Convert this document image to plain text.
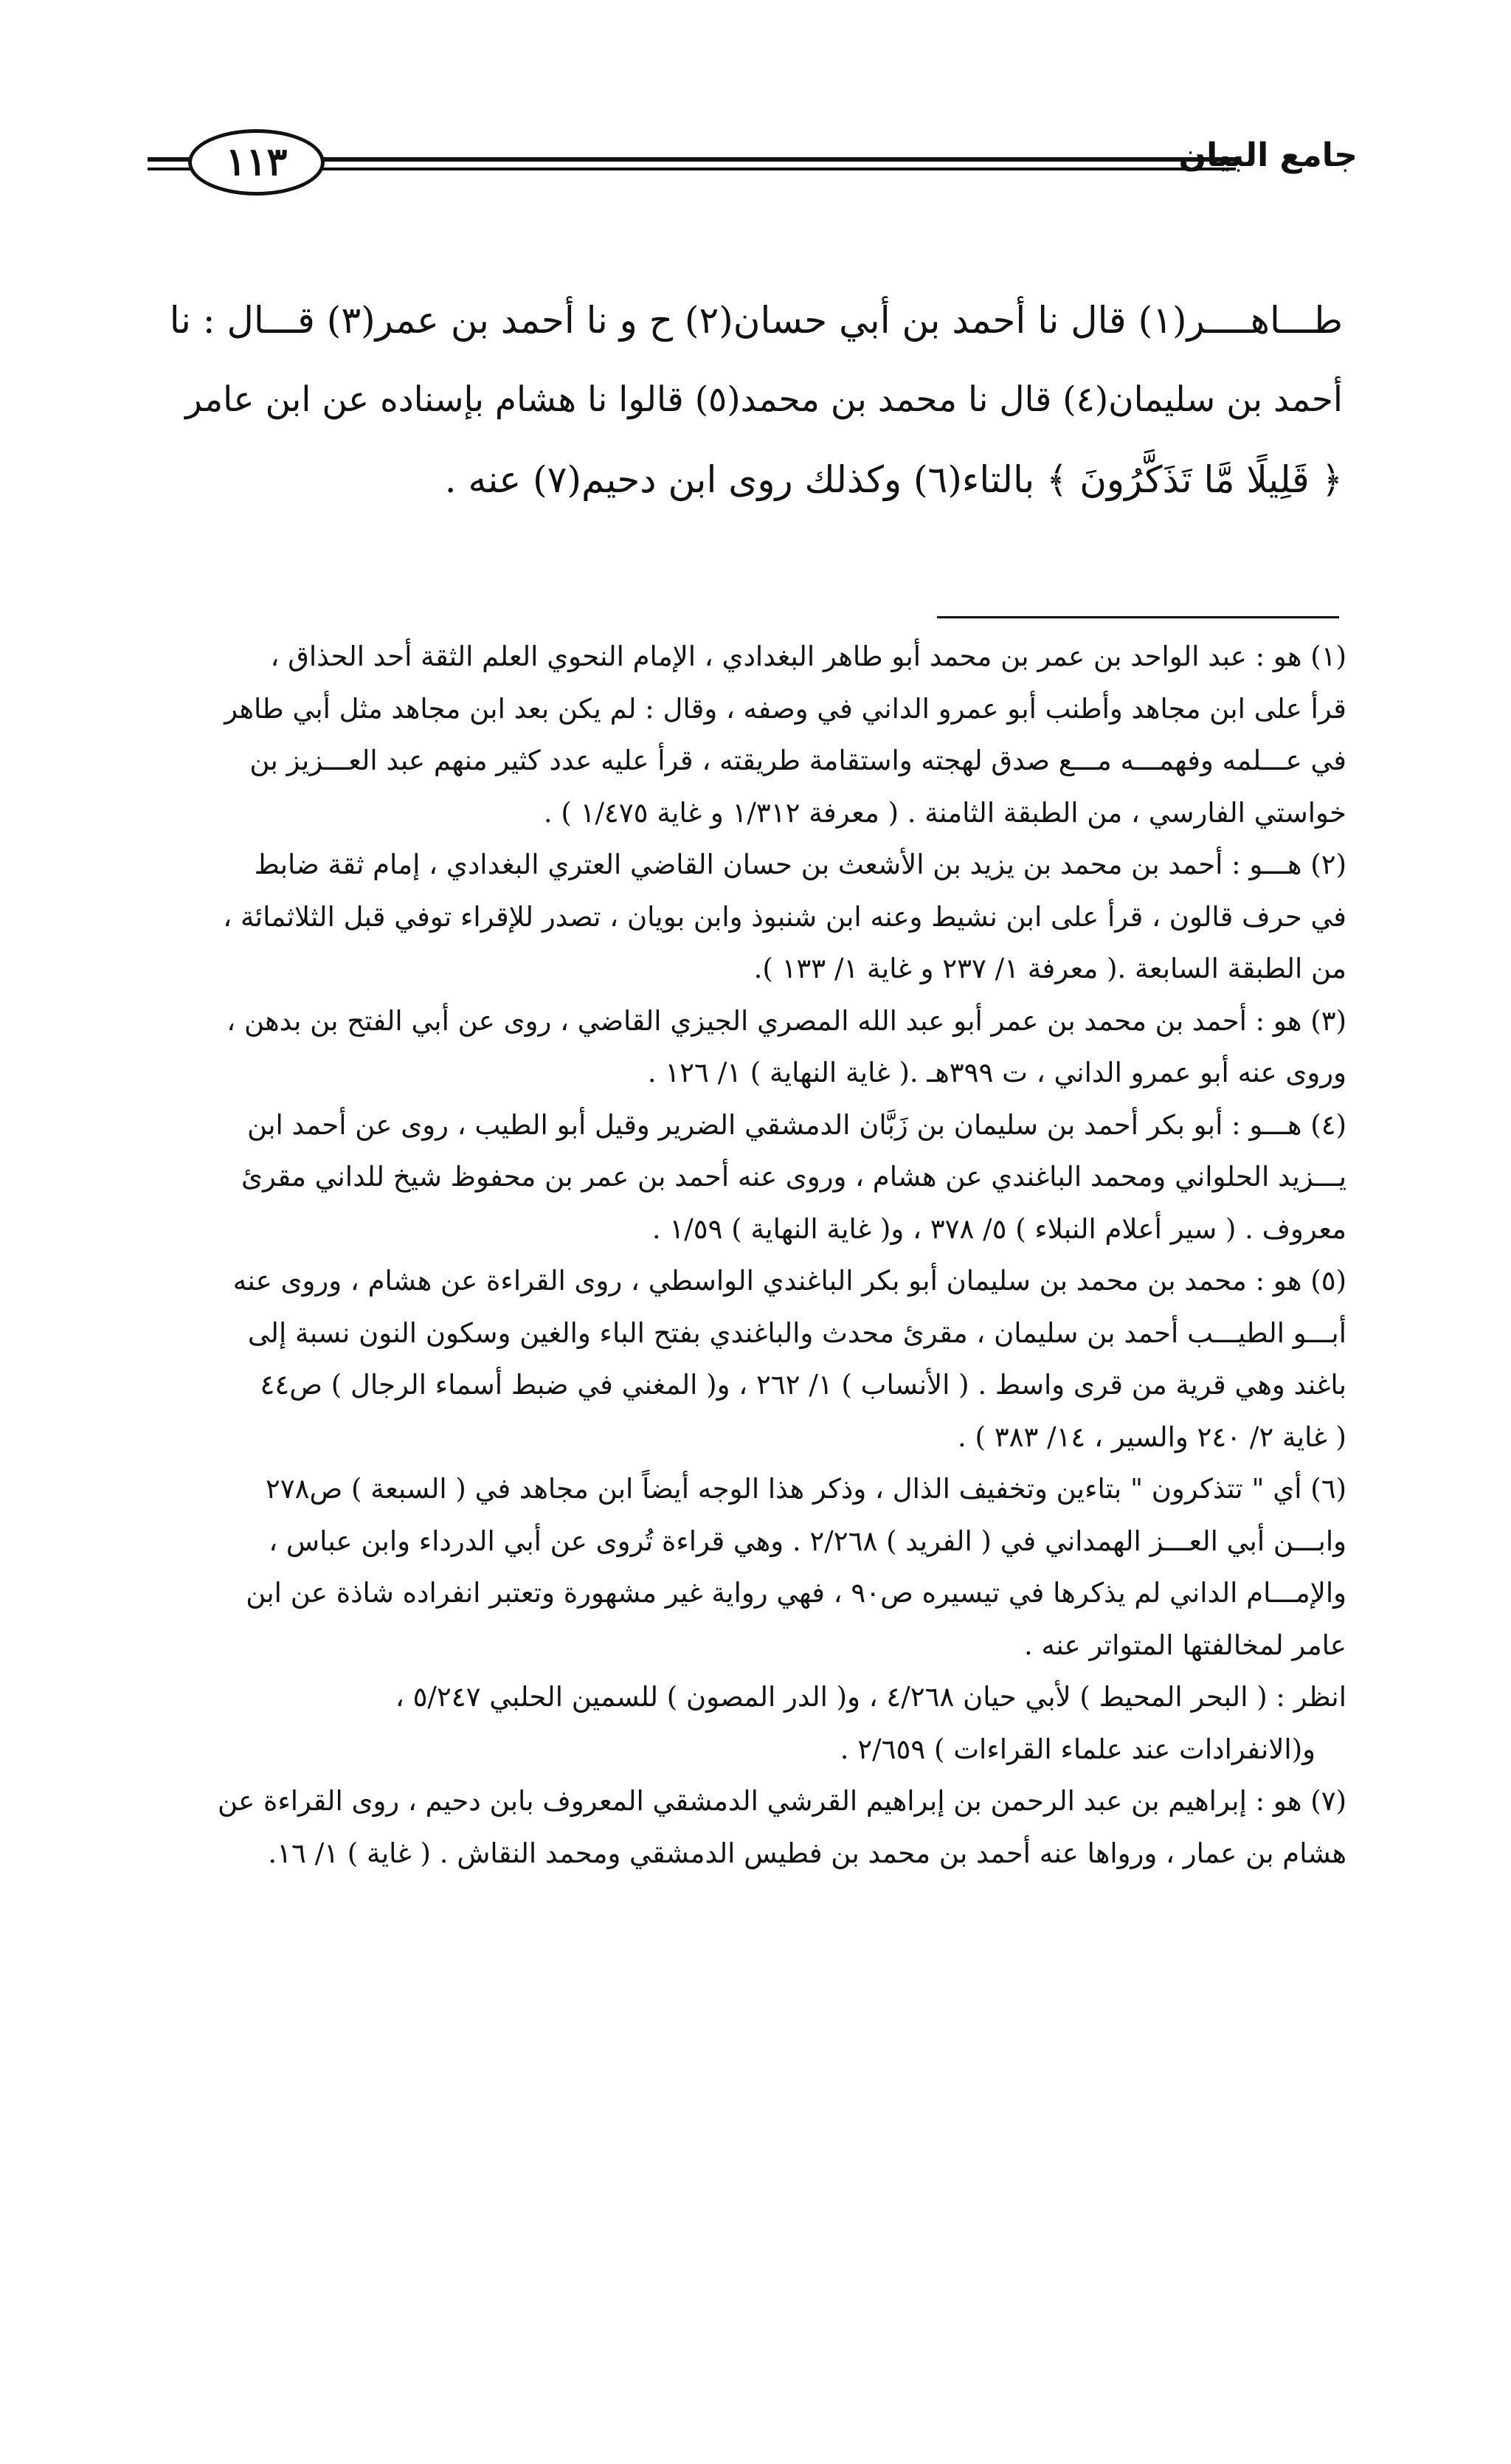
١١٣	جامع البيان
طـــاهــــر(١) قال نا أحمد بن أبي حسان(٢) ح و نا أحمد بن عمر(٣) قـــال : نا
أحمد بن سليمان(٤) قال نا محمد بن محمد(٥) قالوا نا هشام بإسناده عن ابن عامر
﴿ قَلِيلًا مَّا تَذَكَّرُونَ ﴾ بالتاء(٦) وكذلك روى ابن دحيم(٧) عنه .
(١) هو : عبد الواحد بن عمر بن محمد أبو طاهر البغدادي ، الإمام النحوي العلم الثقة أحد الحذاق ،
قرأ على ابن مجاهد وأطنب أبو عمرو الداني في وصفه ، وقال : لم يكن بعد ابن مجاهد مثل أبي طاهر
في عـــلمه وفهمـــه مـــع صدق لهجته واستقامة طريقته ، قرأ عليه عدد كثير منهم عبد العـــزيز بن
خواستي الفارسي ، من الطبقة الثامنة . ( معرفة ١/٣١٢ و غاية ١/٤٧٥ ) .
(٢) هـــو : أحمد بن محمد بن يزيد بن الأشعث بن حسان القاضي العتري البغدادي ، إمام ثقة ضابط
في حرف قالون ، قرأ على ابن نشيط وعنه ابن شنبوذ وابن بويان ، تصدر للإقراء توفي قبل الثلاثمائة ،
من الطبقة السابعة .( معرفة ١/ ٢٣٧ و غاية ١/ ١٣٣ ).
(٣) هو : أحمد بن محمد بن عمر أبو عبد الله المصري الجيزي القاضي ، روى عن أبي الفتح بن بدهن ،
وروى عنه أبو عمرو الداني ، ت ٣٩٩هـ .( غاية النهاية ) ١/ ١٢٦ .
(٤) هـــو : أبو بكر أحمد بن سليمان بن زَبَّان الدمشقي الضرير وقيل أبو الطيب ، روى عن أحمد ابن
يـــزيد الحلواني ومحمد الباغندي عن هشام ، وروى عنه أحمد بن عمر بن محفوظ شيخ للداني مقرئ
معروف . ( سير أعلام النبلاء ) ٥/ ٣٧٨ ، و( غاية النهاية ) ١/٥٩ .
(٥) هو : محمد بن محمد بن سليمان أبو بكر الباغندي الواسطي ، روى القراءة عن هشام ، وروى عنه
أبـــو الطيـــب أحمد بن سليمان ، مقرئ محدث والباغندي بفتح الباء والغين وسكون النون نسبة إلى
باغند وهي قرية من قرى واسط . ( الأنساب ) ١/ ٢٦٢ ، و( المغني في ضبط أسماء الرجال ) ص٤٤
( غاية ٢/ ٢٤٠ والسير ، ١٤/ ٣٨٣ ) .
(٦) أي " تتذكرون " بتاءين وتخفيف الذال ، وذكر هذا الوجه أيضاً ابن مجاهد في ( السبعة ) ص٢٧٨
وابـــن أبي العـــز الهمداني في ( الفريد ) ٢/٢٦٨ . وهي قراءة تُروى عن أبي الدرداء وابن عباس ،
والإمـــام الداني لم يذكرها في تيسيره ص٩٠ ، فهي رواية غير مشهورة وتعتبر انفراده شاذة عن ابن
عامر لمخالفتها المتواتر عنه .
انظر : ( البحر المحيط ) لأبي حيان ٤/٢٦٨ ، و( الدر المصون ) للسمين الحلبي ٥/٢٤٧ ،
و(الانفرادات عند علماء القراءات ) ٢/٦٥٩ .
(٧) هو : إبراهيم بن عبد الرحمن بن إبراهيم القرشي الدمشقي المعروف بابن دحيم ، روى القراءة عن
هشام بن عمار ، ورواها عنه أحمد بن محمد بن فطيس الدمشقي ومحمد النقاش . ( غاية ) ١/ ١٦.
